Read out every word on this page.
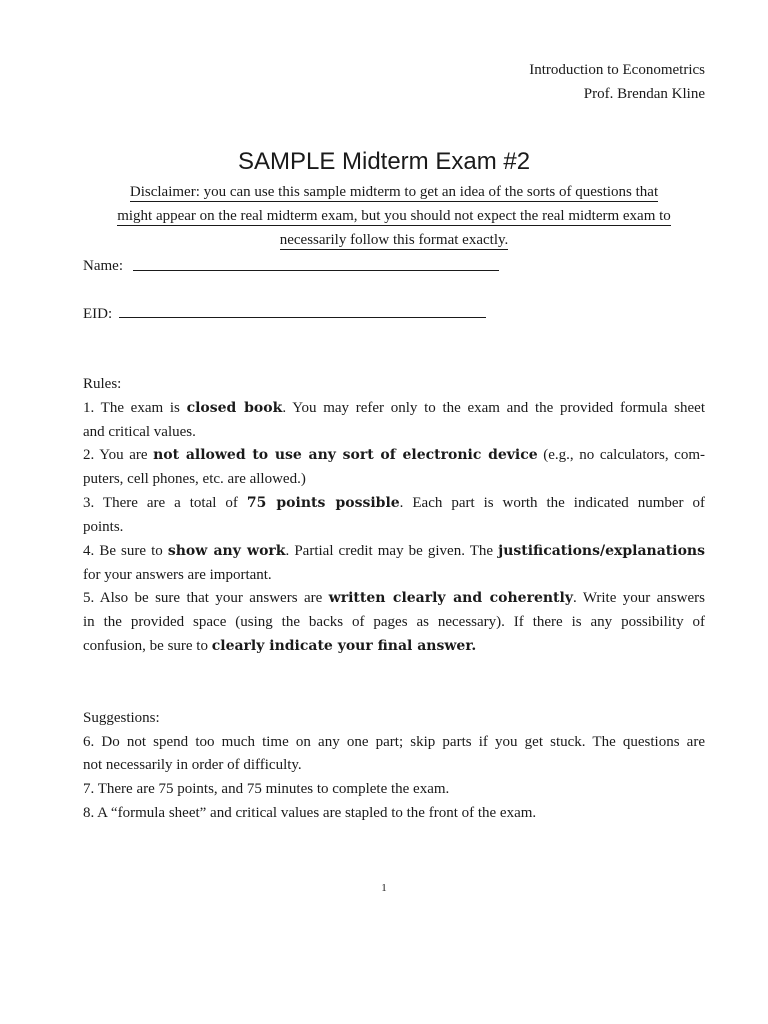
Introduction to Econometrics
Prof. Brendan Kline
SAMPLE Midterm Exam #2
Disclaimer: you can use this sample midterm to get an idea of the sorts of questions that
might appear on the real midterm exam, but you should not expect the real midterm exam to
necessarily follow this format exactly.
Name:
EID:
Rules:
1. The exam is closed book. You may refer only to the exam and the provided formula sheet
and critical values.
2. You are not allowed to use any sort of electronic device (e.g., no calculators, com-
puters, cell phones, etc. are allowed.)
3. There are a total of 75 points possible. Each part is worth the indicated number of
points.
4. Be sure to show any work. Partial credit may be given. The justifications/explanations
for your answers are important.
5. Also be sure that your answers are written clearly and coherently. Write your answers
in the provided space (using the backs of pages as necessary). If there is any possibility of
confusion, be sure to clearly indicate your final answer.
Suggestions:
6. Do not spend too much time on any one part; skip parts if you get stuck. The questions are
not necessarily in order of difficulty.
7. There are 75 points, and 75 minutes to complete the exam.
8. A “formula sheet” and critical values are stapled to the front of the exam.
1
